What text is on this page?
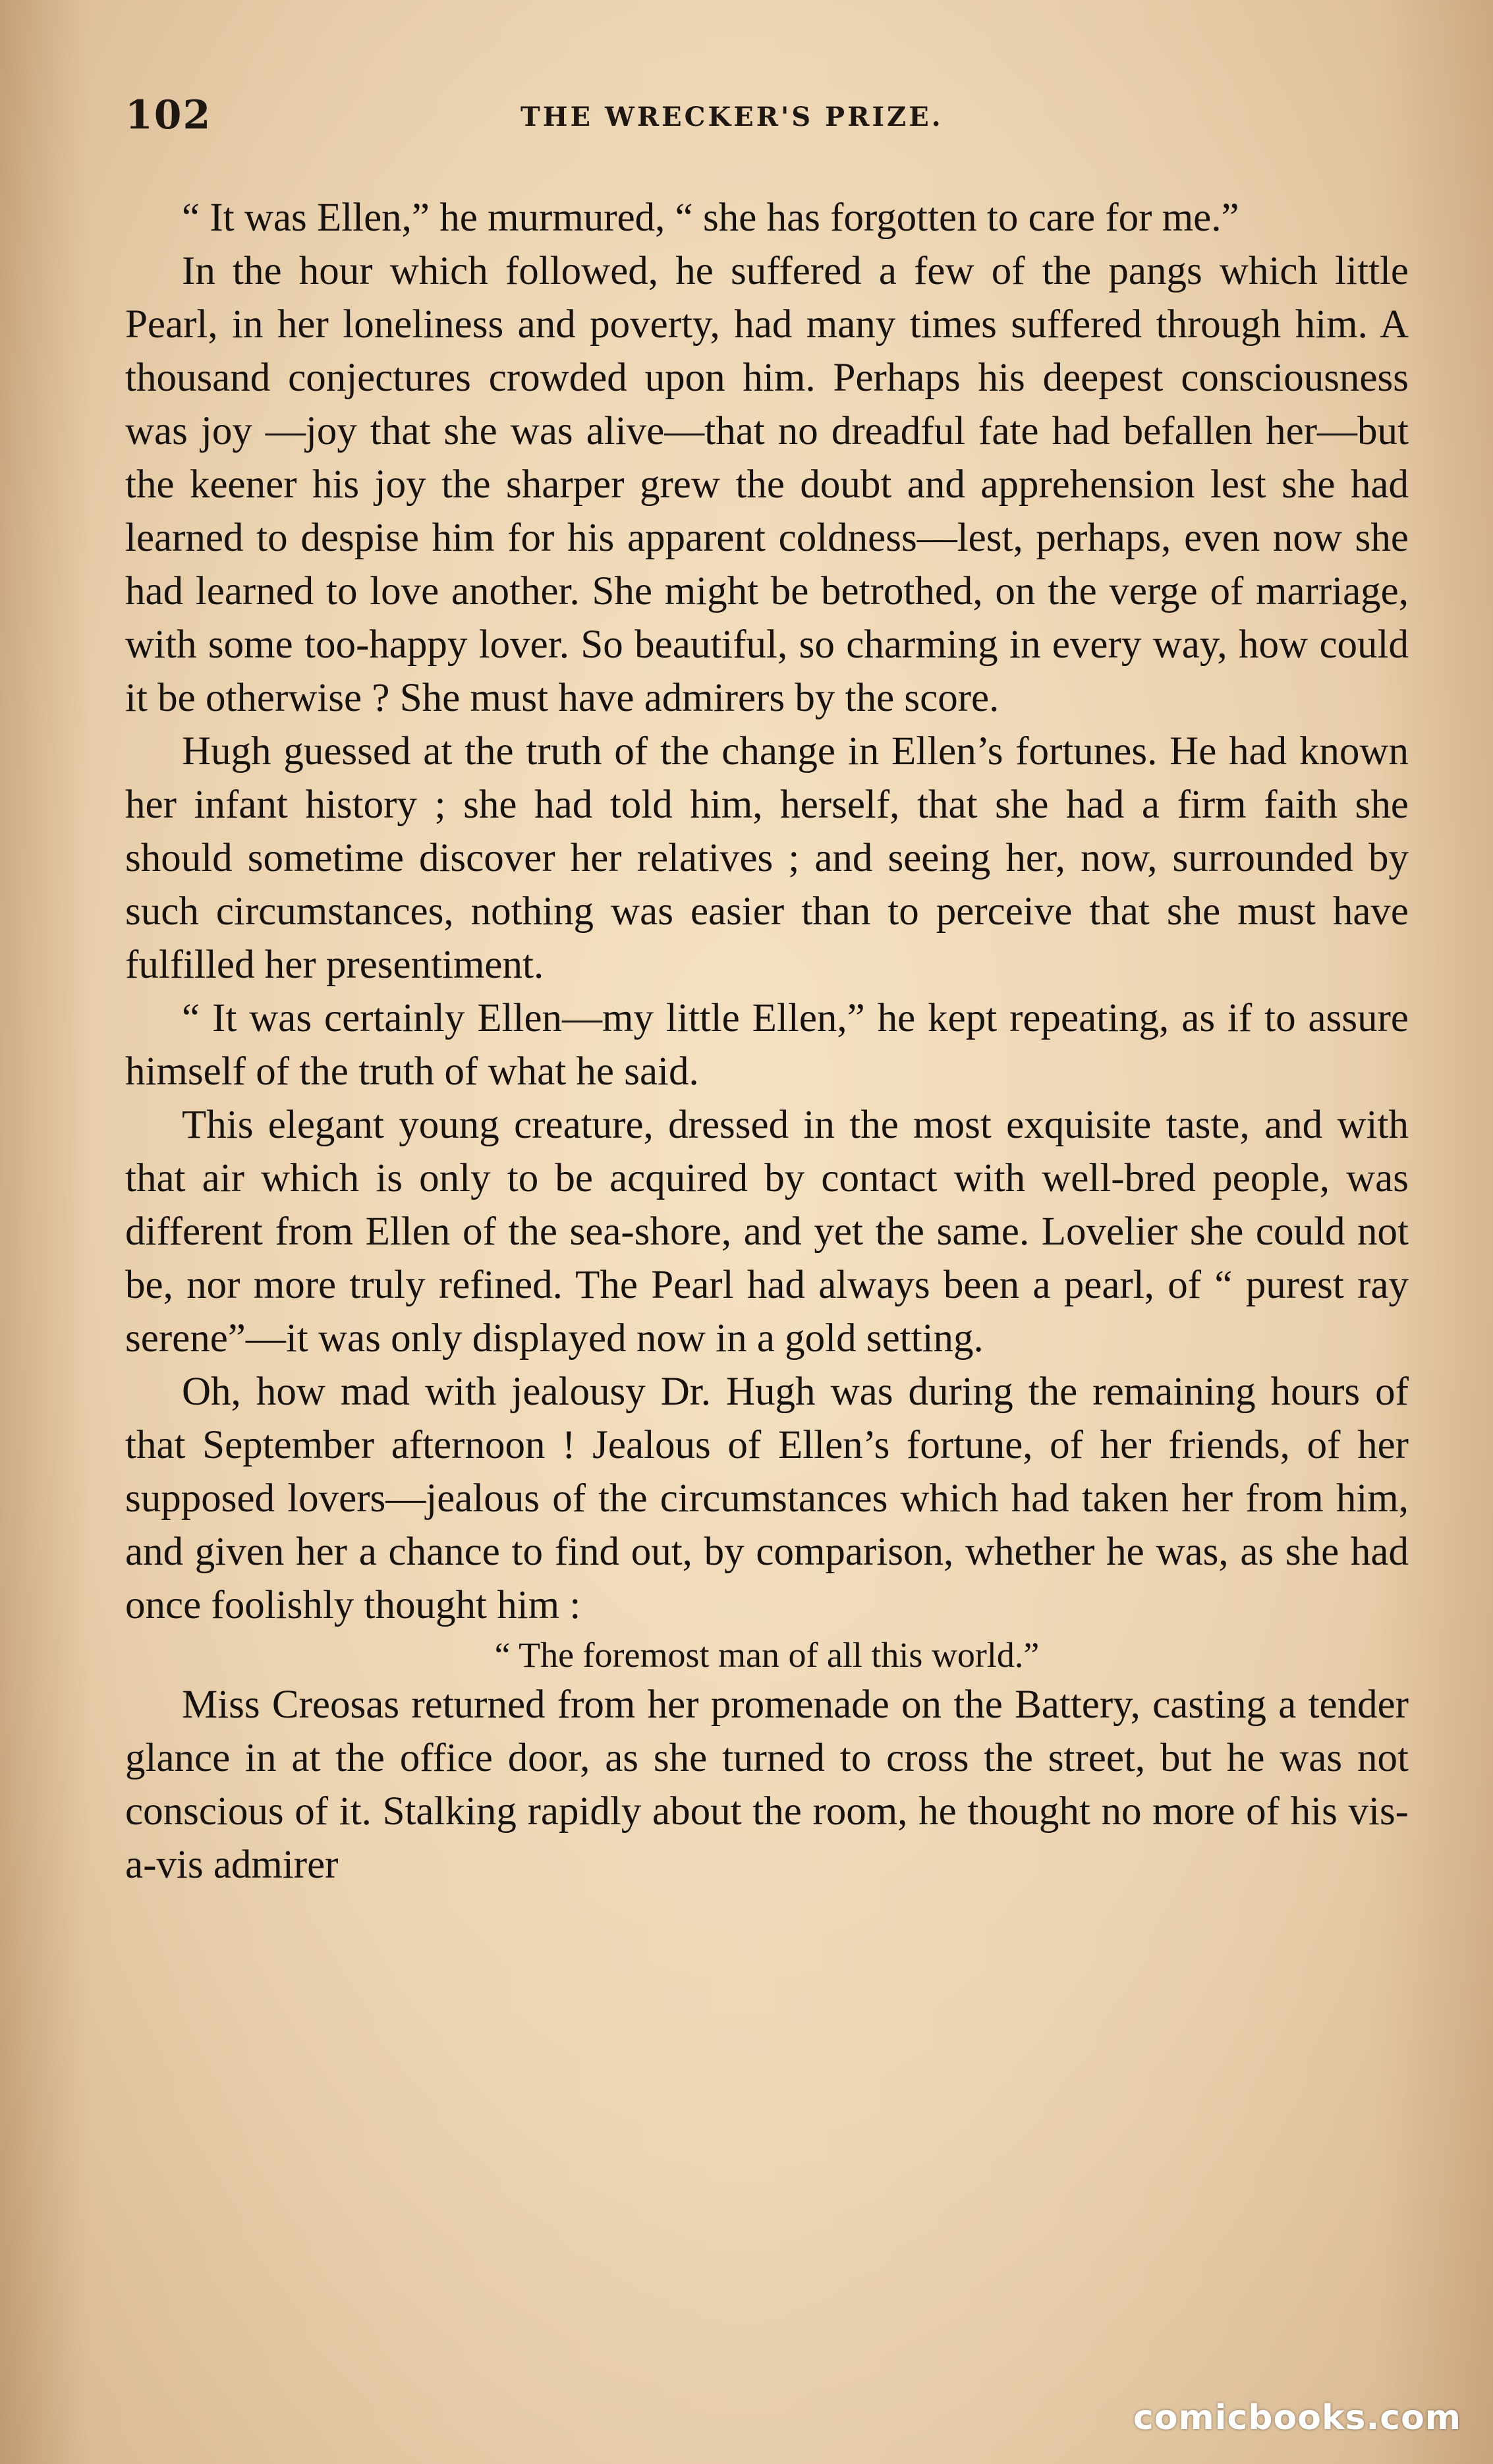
102	THE WRECKER'S PRIZE.

“ It was Ellen,” he murmured, “ she has forgotten to care for me.”

In the hour which followed, he suffered a few of the pangs which little Pearl, in her loneliness and poverty, had many times suffered through him. A thousand conjectures crowded upon him. Perhaps his deepest consciousness was joy —joy that she was alive—that no dreadful fate had befallen her—but the keener his joy the sharper grew the doubt and apprehension lest she had learned to despise him for his apparent coldness—lest, perhaps, even now she had learned to love another. She might be betrothed, on the verge of marriage, with some too-happy lover. So beautiful, so charming in every way, how could it be otherwise ? She must have admirers by the score.

Hugh guessed at the truth of the change in Ellen’s fortunes. He had known her infant history ; she had told him, herself, that she had a firm faith she should sometime discover her relatives ; and seeing her, now, surrounded by such circumstances, nothing was easier than to perceive that she must have fulfilled her presentiment.

“ It was certainly Ellen—my little Ellen,” he kept repeating, as if to assure himself of the truth of what he said.

This elegant young creature, dressed in the most exquisite taste, and with that air which is only to be acquired by contact with well-bred people, was different from Ellen of the sea-shore, and yet the same. Lovelier she could not be, nor more truly refined. The Pearl had always been a pearl, of “ purest ray serene”—it was only displayed now in a gold setting.

Oh, how mad with jealousy Dr. Hugh was during the remaining hours of that September afternoon ! Jealous of Ellen’s fortune, of her friends, of her supposed lovers—jealous of the circumstances which had taken her from him, and given her a chance to find out, by comparison, whether he was, as she had once foolishly thought him :

“ The foremost man of all this world.”

Miss Creosas returned from her promenade on the Battery, casting a tender glance in at the office door, as she turned to cross the street, but he was not conscious of it. Stalking rapidly about the room, he thought no more of his vis-a-vis admirer

comicbooks.com
